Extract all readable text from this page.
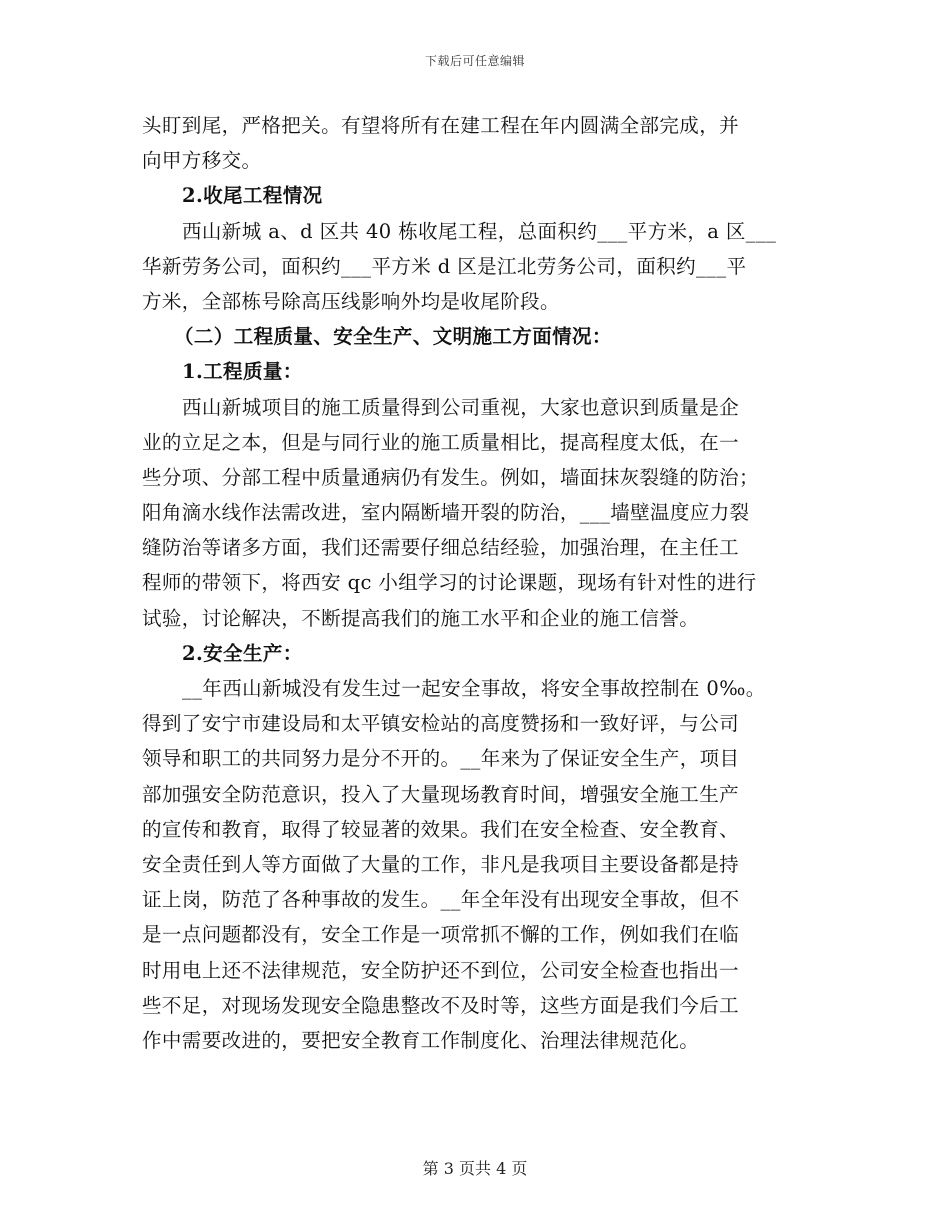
下载后可任意编辑
头盯到尾，严格把关。有望将所有在建工程在年内圆满全部完成，并
向甲方移交。
2.收尾工程情况
西山新城 a、d 区共 40 栋收尾工程，总面积约___平方米，a 区___
华新劳务公司，面积约___平方米 d 区是江北劳务公司，面积约___平
方米，全部栋号除高压线影响外均是收尾阶段。
（二）工程质量、安全生产、文明施工方面情况：
1.工程质量：
西山新城项目的施工质量得到公司重视，大家也意识到质量是企
业的立足之本，但是与同行业的施工质量相比，提高程度太低，在一
些分项、分部工程中质量通病仍有发生。例如，墙面抹灰裂缝的防治；
阳角滴水线作法需改进，室内隔断墙开裂的防治，___墙壁温度应力裂
缝防治等诸多方面，我们还需要仔细总结经验，加强治理，在主任工
程师的带领下，将西安 qc 小组学习的讨论课题，现场有针对性的进行
试验，讨论解决，不断提高我们的施工水平和企业的施工信誉。
2.安全生产：
__年西山新城没有发生过一起安全事故，将安全事故控制在 0‰。
得到了安宁市建设局和太平镇安检站的高度赞扬和一致好评，与公司
领导和职工的共同努力是分不开的。__年来为了保证安全生产，项目
部加强安全防范意识，投入了大量现场教育时间，增强安全施工生产
的宣传和教育，取得了较显著的效果。我们在安全检查、安全教育、
安全责任到人等方面做了大量的工作，非凡是我项目主要设备都是持
证上岗，防范了各种事故的发生。__年全年没有出现安全事故，但不
是一点问题都没有，安全工作是一项常抓不懈的工作，例如我们在临
时用电上还不法律规范，安全防护还不到位，公司安全检查也指出一
些不足，对现场发现安全隐患整改不及时等，这些方面是我们今后工
作中需要改进的，要把安全教育工作制度化、治理法律规范化。
第 3 页共 4 页
